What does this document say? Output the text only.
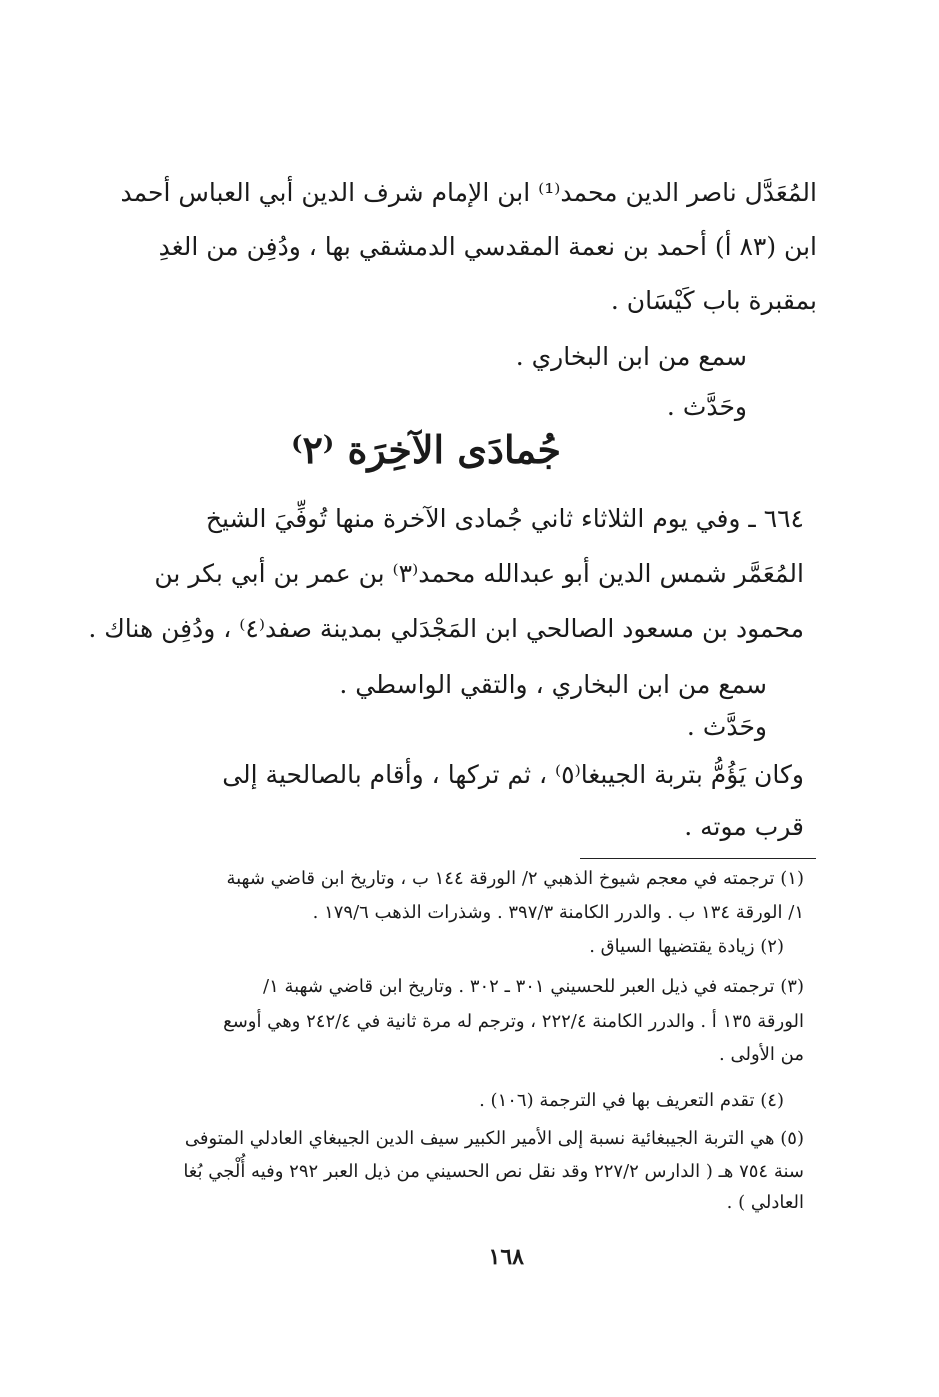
المُعَدَّل ناصر الدين محمد⁽¹⁾ ابن الإمام شرف الدين أبي العباس أحمد
ابن (٨٣ أ) أحمد بن نعمة المقدسي الدمشقي بها ، ودُفِن من الغدِ
بمقبرة باب كَيْسَان .
سمع من ابن البخاري .
وحَدَّث .
جُمادَى الآخِرَة ⁽٢⁾
٦٦٤ ـ وفي يوم الثلاثاء ثاني جُمادى الآخرة منها تُوفِّيَ الشيخ
المُعَمَّر شمس الدين أبو عبدالله محمد⁽٣⁾ بن عمر بن أبي بكر بن
محمود بن مسعود الصالحي ابن المَجْدَلي بمدينة صفد⁽٤⁾ ، ودُفِن هناك .
سمع من ابن البخاري ، والتقي الواسطي .
وحَدَّث .
وكان يَؤُمُّ بتربة الجيبغا⁽٥⁾ ، ثم تركها ، وأقام بالصالحية إلى
قرب موته .
(١) ترجمته في معجم شيوخ الذهبي ٢/ الورقة ١٤٤ ب ، وتاريخ ابن قاضي شهبة
١/ الورقة ١٣٤ ب . والدرر الكامنة ٣٩٧/٣ . وشذرات الذهب ١٧٩/٦ .
(٢) زيادة يقتضيها السياق .
(٣) ترجمته في ذيل العبر للحسيني ٣٠١ ـ ٣٠٢ . وتاريخ ابن قاضي شهبة ١/
الورقة ١٣٥ أ . والدرر الكامنة ٢٢٢/٤ ، وترجم له مرة ثانية في ٢٤٢/٤ وهي أوسع
من الأولى .
(٤) تقدم التعريف بها في الترجمة (١٠٦) .
(٥) هي التربة الجيبغائية نسبة إلى الأمير الكبير سيف الدين الجيبغاي العادلي المتوفى
سنة ٧٥٤ هـ ( الدارس ٢٢٧/٢ وقد نقل نص الحسيني من ذيل العبر ٢٩٢ وفيه أُلْجي بُغا
العادلي ) .
١٦٨
